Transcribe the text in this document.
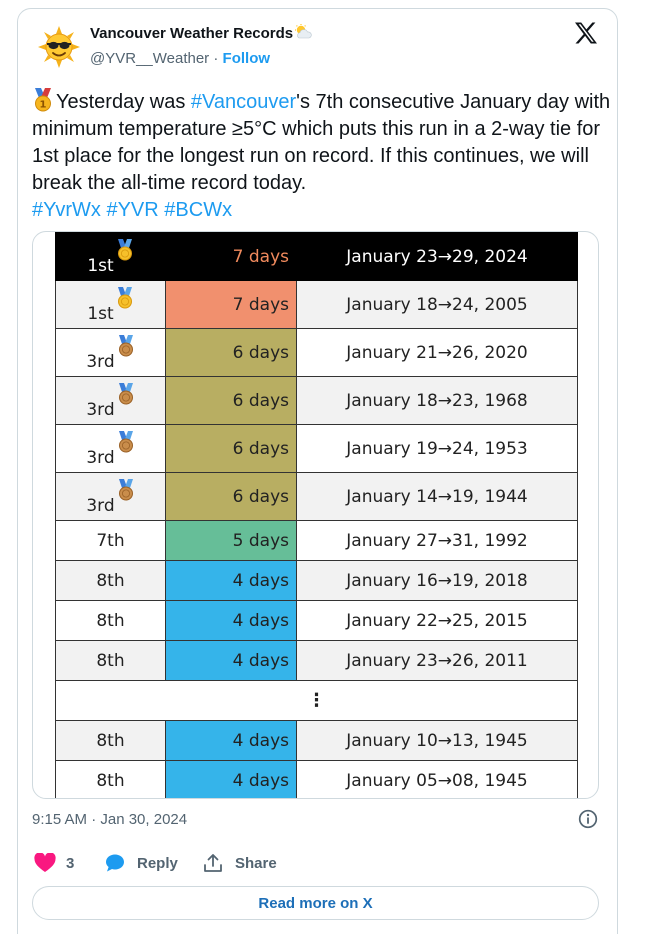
Vancouver Weather Records
@YVR__Weather · Follow
1 Yesterday was #Vancouver's 7th consecutive January day with minimum temperature ≥5°C which puts this run in a 2-way tie for 1st place for the longest run on record. If this continues, we will break the all-time record today.
#YvrWx #YVR #BCWx
1st	7 days	January 23→29, 2024
1st	7 days	January 18→24, 2005
3rd	6 days	January 21→26, 2020
3rd	6 days	January 18→23, 1968
3rd	6 days	January 19→24, 1953
3rd	6 days	January 14→19, 1944
7th	5 days	January 27→31, 1992
8th	4 days	January 16→19, 2018
8th	4 days	January 22→25, 2015
8th	4 days	January 23→26, 2011
⋮		
8th	4 days	January 10→13, 1945
8th	4 days	January 05→08, 1945
9:15 AM · Jan 30, 2024
3	Reply	Share
Read more on X
